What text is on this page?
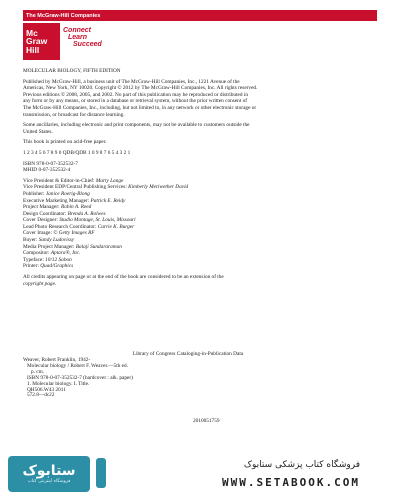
The McGraw-Hill Companies
Mc
Graw
Hill
Connect
Learn
Succeed

MOLECULAR BIOLOGY, FIFTH EDITION

Published by McGraw-Hill, a business unit of The McGraw-Hill Companies, Inc., 1221 Avenue of the
Americas, New York, NY 10020. Copyright © 2012 by The McGraw-Hill Companies, Inc. All rights reserved.
Previous editions © 2008, 2005, and 2002. No part of this publication may be reproduced or distributed in
any form or by any means, or stored in a database or retrieval system, without the prior written consent of
The McGraw-Hill Companies, Inc., including, but not limited to, in any network or other electronic storage or
transmission, or broadcast for distance learning.

Some ancillaries, including electronic and print components, may not be available to customers outside the
United States.

This book is printed on acid-free paper.

1 2 3 4 5 6 7 8 9 0 QDB/QDB 1 0 9 8 7 6 5 4 3 2 1

ISBN 978-0-07-352532-7
MHID 0-07-352532-4

Vice President & Editor-in-Chief: Marty Lange
Vice President EDP/Central Publishing Services: Kimberly Meriwether David
Publisher: Janice Roerig-Blong
Executive Marketing Manager: Patrick E. Reidy
Project Manager: Robin A. Reed
Design Coordinator: Brenda A. Rolwes
Cover Designer: Studio Montage, St. Louis, Missouri
Lead Photo Research Coordinator: Carrie K. Burger
Cover Image: © Getty Images RF
Buyer: Sandy Ludovissy
Media Project Manager: Balaji Sundararaman
Compositor: Aptara®, Inc.
Typeface: 10/12 Sabon
Printer: Quad/Graphics

All credits appearing on page or at the end of the book are considered to be an extension of the
copyright page.

Library of Congress Cataloging-in-Publication Data
Weaver, Robert Franklin, 1942-
Molecular biology / Robert F. Weaver.—5th ed.
p. cm.
ISBN 978-0-07-352532-7 (hardcover : alk. paper)
1. Molecular biology. I. Title.
QH506.W43 2011
572.8—dc22
2010051759
ستابوک
فروشگاه اینترنتی کتاب
فروشگاه کتاب پزشکی ستابوک
WWW.SETABOOK.COM
